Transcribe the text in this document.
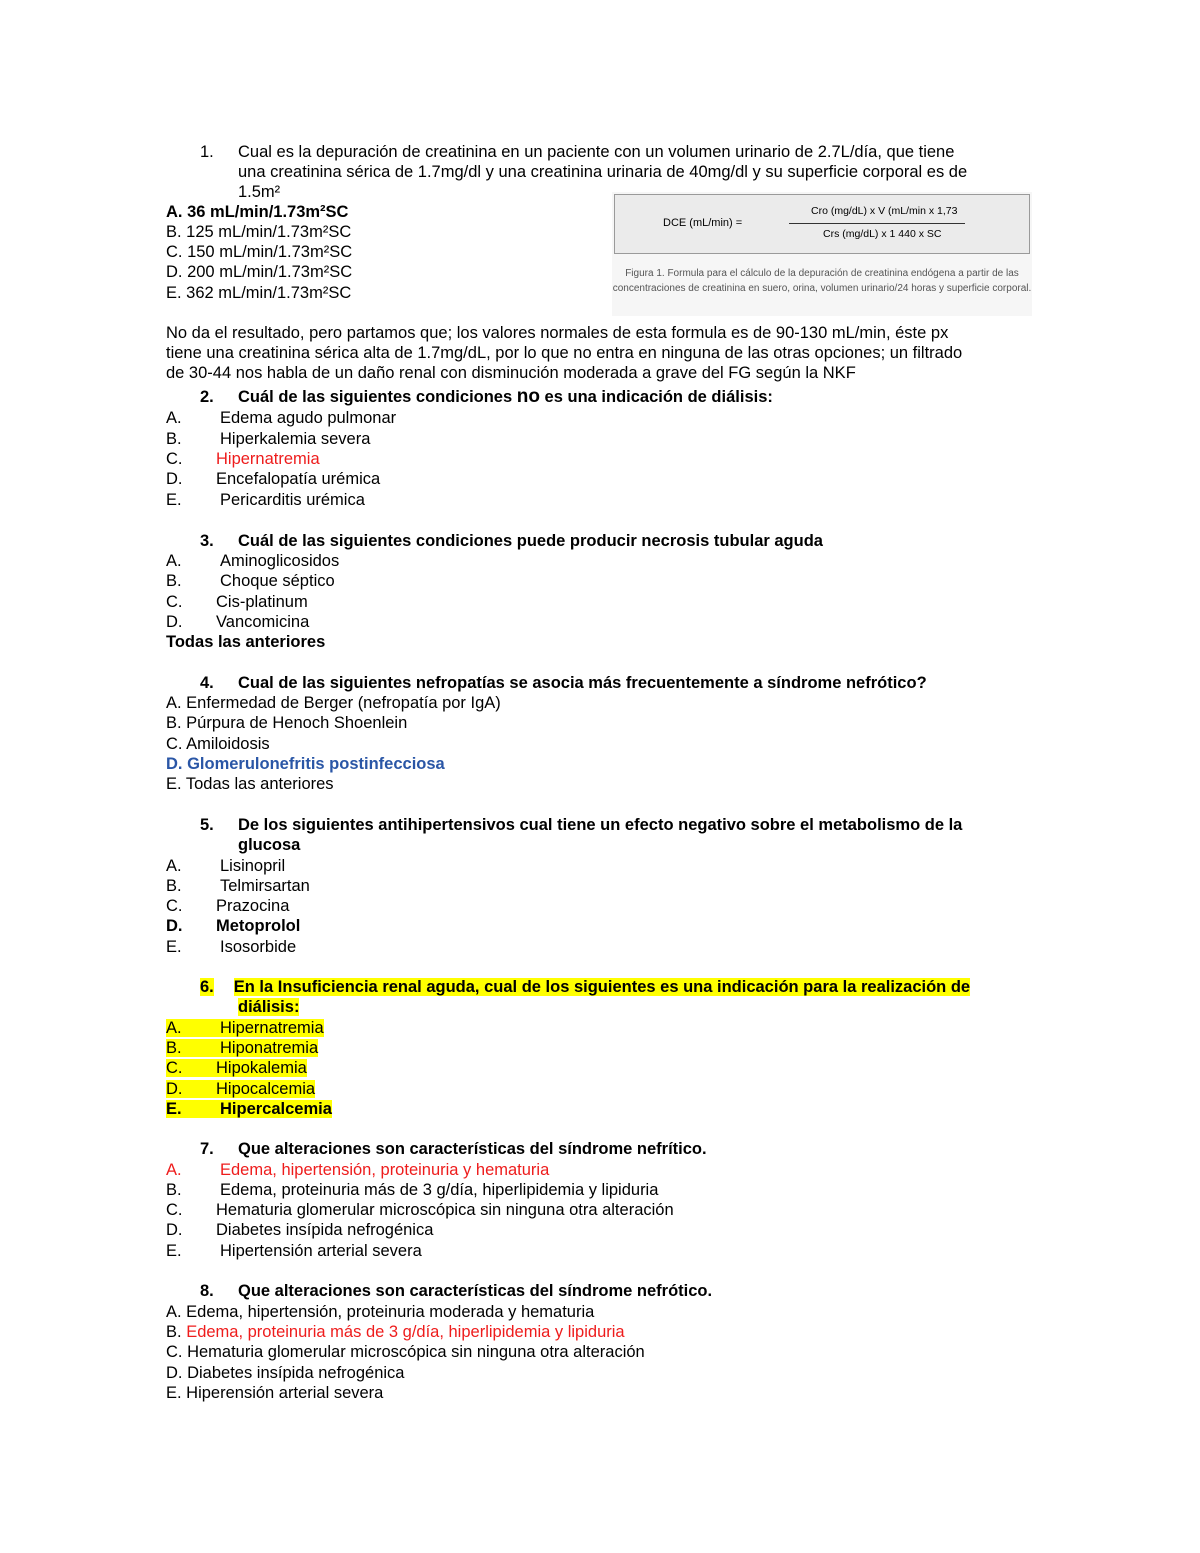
1.	Cual es la depuración de creatinina en un paciente con un volumen urinario de 2.7L/día, que tiene
una creatinina sérica de 1.7mg/dl y una creatinina urinaria de 40mg/dl y su superficie corporal es de
1.5m²
A. 36 mL/min/1.73m²SC
B. 125 mL/min/1.73m²SC
C. 150 mL/min/1.73m²SC
D. 200 mL/min/1.73m²SC
E. 362 mL/min/1.73m²SC
DCE (mL/min) =
Cro (mg/dL) x V (mL/min x 1,73
Crs (mg/dL) x 1 440 x SC
Figura 1. Formula para el cálculo de la depuración de creatinina endógena a partir de las concentraciones de creatinina en suero, orina, volumen urinario/24 horas y superficie corporal.
No da el resultado, pero partamos que; los valores normales de esta formula es de 90-130 mL/min, éste px
tiene una creatinina sérica alta de 1.7mg/dL, por lo que no entra en ninguna de las otras opciones; un filtrado
de 30-44 nos habla de un daño renal con disminución moderada a grave del FG según la NKF
2.	Cuál de las siguientes condiciones no es una indicación de diálisis:
A. Edema agudo pulmonar
B. Hiperkalemia severa
C. Hipernatremia
D. Encefalopatía urémica
E. Pericarditis urémica
3.	Cuál de las siguientes condiciones puede producir necrosis tubular aguda
A. Aminoglicosidos
B. Choque séptico
C. Cis-platinum
D. Vancomicina
Todas las anteriores
4.	Cual de las siguientes nefropatías se asocia más frecuentemente a síndrome nefrótico?
A. Enfermedad de Berger (nefropatía por IgA)
B. Púrpura de Henoch Shoenlein
C. Amiloidosis
D. Glomerulonefritis postinfecciosa
E. Todas las anteriores
5.	De los siguientes antihipertensivos cual tiene un efecto negativo sobre el metabolismo de la
glucosa
A. Lisinopril
B. Telmirsartan
C. Prazocina
D. Metoprolol
E. Isosorbide
6. En la Insuficiencia renal aguda, cual de los siguientes es una indicación para la realización de
diálisis:
A. Hipernatremia
B. Hiponatremia
C. Hipokalemia
D. Hipocalcemia
E. Hipercalcemia
7.	Que alteraciones son características del síndrome nefrítico.
A. Edema, hipertensión, proteinuria y hematuria
B. Edema, proteinuria más de 3 g/día, hiperlipidemia y lipiduria
C. Hematuria glomerular microscópica sin ninguna otra alteración
D. Diabetes insípida nefrogénica
E. Hipertensión arterial severa
8.	Que alteraciones son características del síndrome nefrótico.
A. Edema, hipertensión, proteinuria moderada y hematuria
B. Edema, proteinuria más de 3 g/día, hiperlipidemia y lipiduria
C. Hematuria glomerular microscópica sin ninguna otra alteración
D. Diabetes insípida nefrogénica
E. Hiperensión arterial severa
